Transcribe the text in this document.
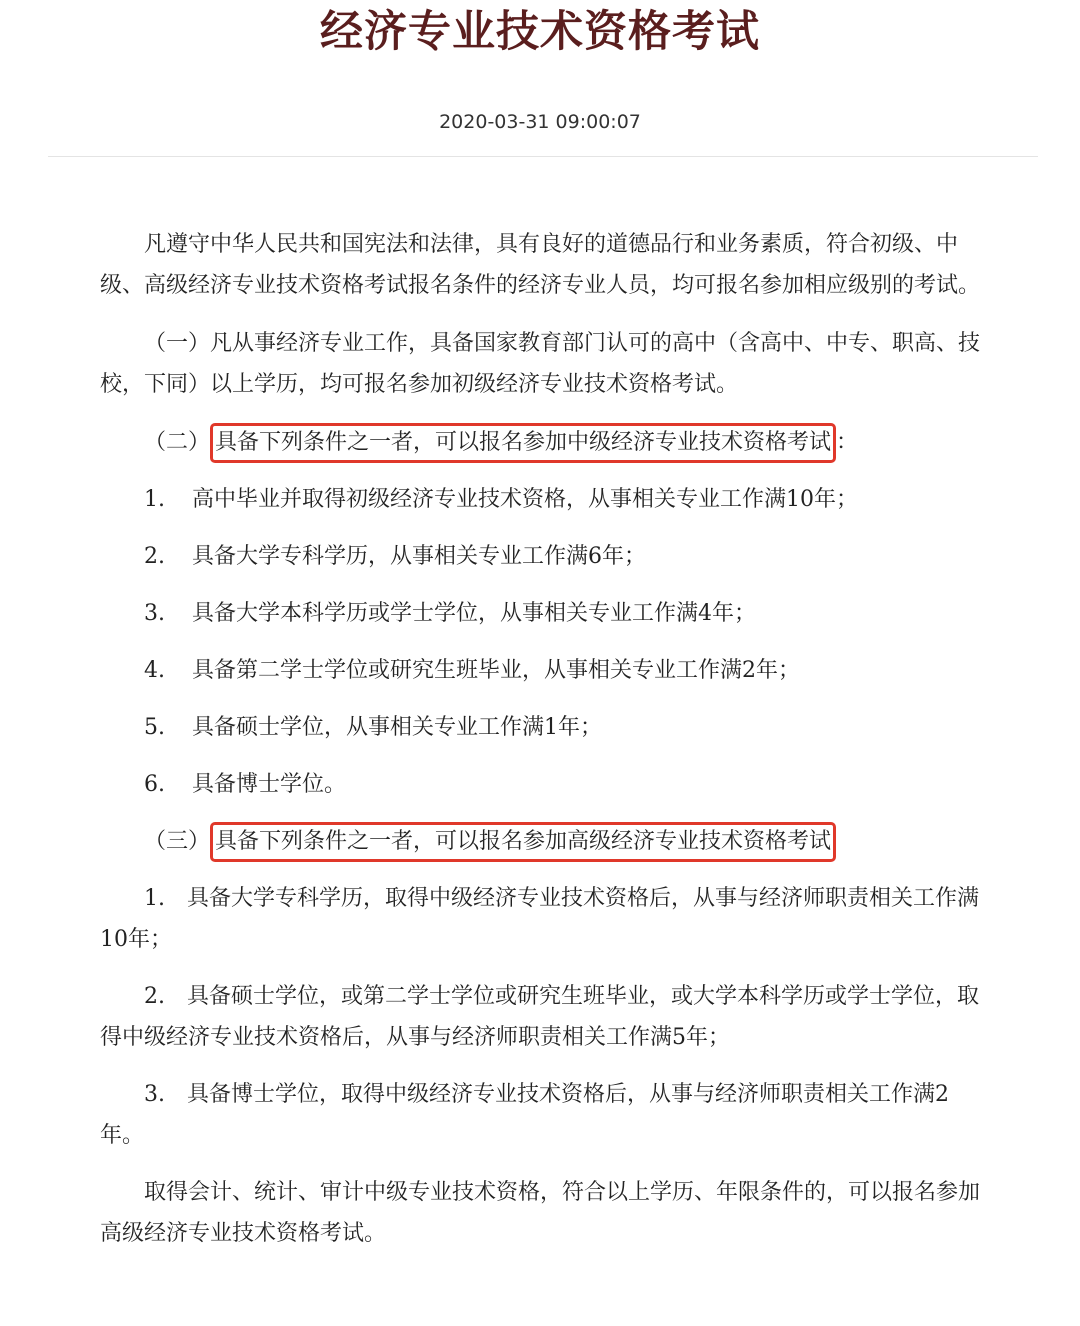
经济专业技术资格考试
2020-03-31 09:00:07

凡遵守中华人民共和国宪法和法律，具有良好的道德品行和业务素质，符合初级、中级、高级经济专业技术资格考试报名条件的经济专业人员，均可报名参加相应级别的考试。

（一）凡从事经济专业工作，具备国家教育部门认可的高中（含高中、中专、职高、技校，下同）以上学历，均可报名参加初级经济专业技术资格考试。

（二） 具备下列条件之一者，可以报名参加中级经济专业技术资格考试 ：

1.	高中毕业并取得初级经济专业技术资格，从事相关专业工作满10年；
2.	具备大学专科学历，从事相关专业工作满6年；
3.	具备大学本科学历或学士学位，从事相关专业工作满4年；
4.	具备第二学士学位或研究生班毕业，从事相关专业工作满2年；
5.	具备硕士学位，从事相关专业工作满1年；
6.	具备博士学位。

（三） 具备下列条件之一者，可以报名参加高级经济专业技术资格考试

1.　具备大学专科学历，取得中级经济专业技术资格后，从事与经济师职责相关工作满10年；

2.　具备硕士学位，或第二学士学位或研究生班毕业，或大学本科学历或学士学位，取得中级经济专业技术资格后，从事与经济师职责相关工作满5年；

3.　具备博士学位，取得中级经济专业技术资格后，从事与经济师职责相关工作满2年。

取得会计、统计、审计中级专业技术资格，符合以上学历、年限条件的，可以报名参加高级经济专业技术资格考试。
